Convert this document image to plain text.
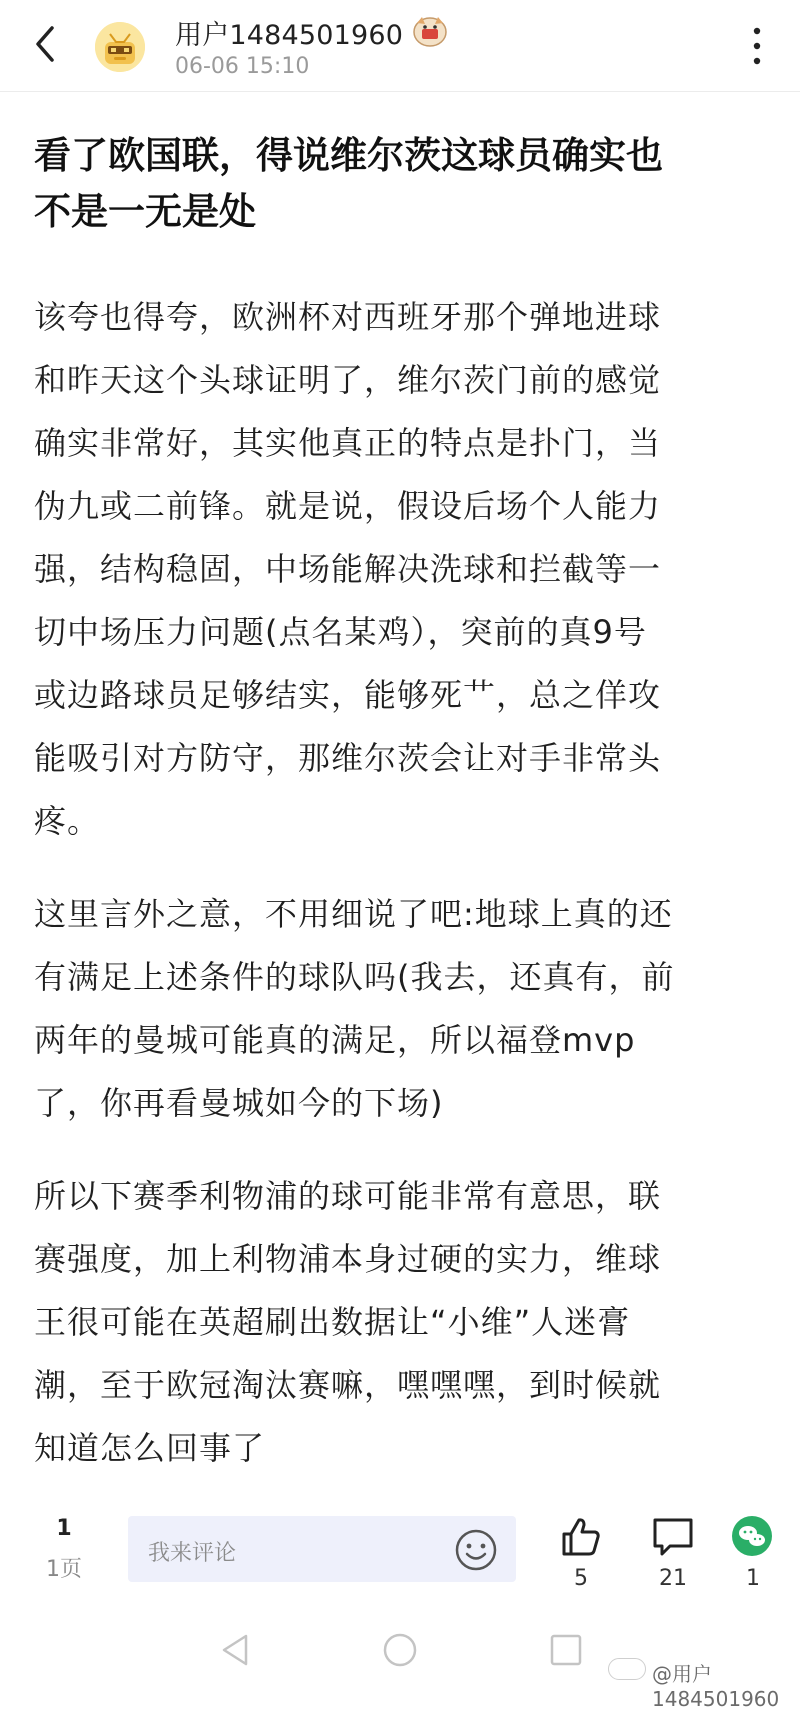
用户1484501960
06-06 15:10
看了欧国联，得说维尔茨这球员确实也
不是一无是处
该夸也得夸，欧洲杯对西班牙那个弹地进球
和昨天这个头球证明了，维尔茨门前的感觉
确实非常好，其实他真正的特点是扑门，当
伪九或二前锋。就是说，假设后场个人能力
强，结构稳固，中场能解决洗球和拦截等一
切中场压力问题(点名某鸡），突前的真9号
或边路球员足够结实，能够死艹，总之佯攻
能吸引对方防守，那维尔茨会让对手非常头
疼。
这里言外之意，不用细说了吧:地球上真的还
有满足上述条件的球队吗(我去，还真有，前
两年的曼城可能真的满足，所以福登mvp
了，你再看曼城如今的下场)
所以下赛季利物浦的球可能非常有意思，联
赛强度，加上利物浦本身过硬的实力，维球
王很可能在英超刷出数据让“小维”人迷膏
潮，至于欧冠淘汰赛嘛，嘿嘿嘿，到时候就
知道怎么回事了
1
1页
我来评论
5	21	1
@用户1484501960
